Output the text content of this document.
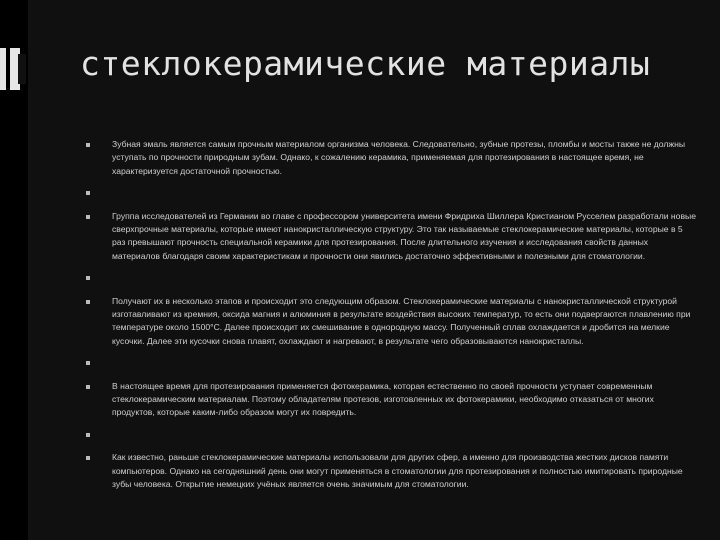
стеклокерамические материалы
Зубная эмаль является самым прочным материалом организма человека. Следовательно, зубные протезы, пломбы и мосты также не должны уступать по прочности природным зубам. Однако, к сожалению керамика, применяемая для протезирования в настоящее время, не характеризуется достаточной прочностью.
Группа исследователей из Германии во главе с профессором университета имени Фридриха Шиллера Кристианом Русселем разработали новые сверхпрочные материалы, которые имеют нанокристаллическую структуру. Это так называемые стеклокерамические материалы, которые в 5 раз превышают прочность специальной керамики для протезирования. После длительного изучения и исследования свойств данных материалов благодаря своим характеристикам и прочности они явились достаточно эффективными и полезными для стоматологии.
Получают их в несколько этапов и происходит это следующим образом. Стеклокерамические материалы с нанокристаллической структурой изготавливают из кремния, оксида магния и алюминия в результате воздействия высоких температур, то есть они подвергаются плавлению при температуре около 1500°C. Далее происходит их смешивание в однородную массу. Полученный сплав охлаждается и дробится на мелкие кусочки. Далее эти кусочки снова плавят, охлаждают и нагревают, в результате чего образовываются нанокристаллы.
В настоящее время для протезирования применяется фотокерамика, которая естественно по своей прочности уступает современным стеклокерамическим материалам. Поэтому обладателям протезов, изготовленных их фотокерамики, необходимо отказаться от многих продуктов, которые каким-либо образом могут их повредить.
Как известно, раньше стеклокерамические материалы использовали для других сфер, а именно для производства жестких дисков памяти компьютеров. Однако на сегодняшний день они могут применяться в стоматологии для протезирования и полностью имитировать природные зубы человека. Открытие немецких учёных является очень значимым для стоматологии.
